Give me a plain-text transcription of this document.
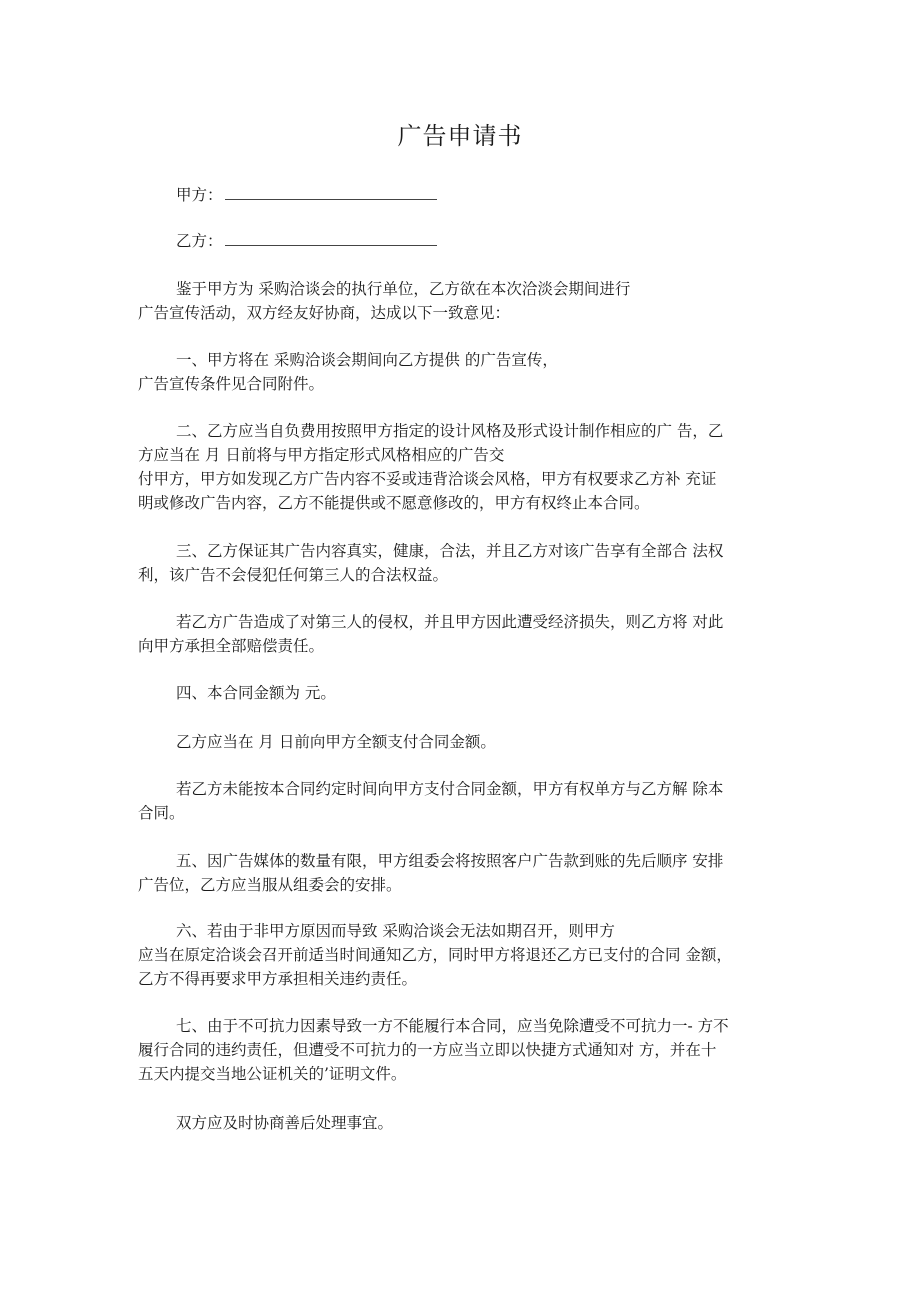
广告申请书
甲方：
乙方：
鉴于甲方为 采购洽谈会的执行单位，乙方欲在本次洽淡会期间进行
广告宣传活动，双方经友好协商，达成以下一致意见：
一、甲方将在 采购洽谈会期间向乙方提供 的广告宣传，
广告宣传条件见合同附件。
二、乙方应当自负费用按照甲方指定的设计风格及形式设计制作相应的广 告，乙
方应当在 月 日前将与甲方指定形式风格相应的广告交
付甲方，甲方如发现乙方广告内容不妥或违背洽谈会风格，甲方有权要求乙方补 充证
明或修改广告内容，乙方不能提供或不愿意修改的，甲方有权终止本合同。
三、乙方保证其广告内容真实，健康，合法，并且乙方对该广告享有全部合 法权
利，该广告不会侵犯任何第三人的合法权益。
若乙方广告造成了对第三人的侵权，并且甲方因此遭受经济损失，则乙方将 对此
向甲方承担全部赔偿责任。
四、本合同金额为 元。
乙方应当在 月 日前向甲方全额支付合同金额。
若乙方未能按本合同约定时间向甲方支付合同金额，甲方有权单方与乙方解 除本
合同。
五、因广告媒体的数量有限，甲方组委会将按照客户广告款到账的先后顺序 安排
广告位，乙方应当服从组委会的安排。
六、若由于非甲方原因而导致 采购洽谈会无法如期召开，则甲方
应当在原定洽谈会召开前适当时间通知乙方，同时甲方将退还乙方已支付的合同 金额，
乙方不得再要求甲方承担相关违约责任。
七、由于不可抗力因素导致一方不能履行本合同，应当免除遭受不可抗力一- 方不
履行合同的违约责任，但遭受不可抗力的一方应当立即以快捷方式通知对 方，并在十
五天内提交当地公证机关的’证明文件。
双方应及时协商善后处理事宜。
